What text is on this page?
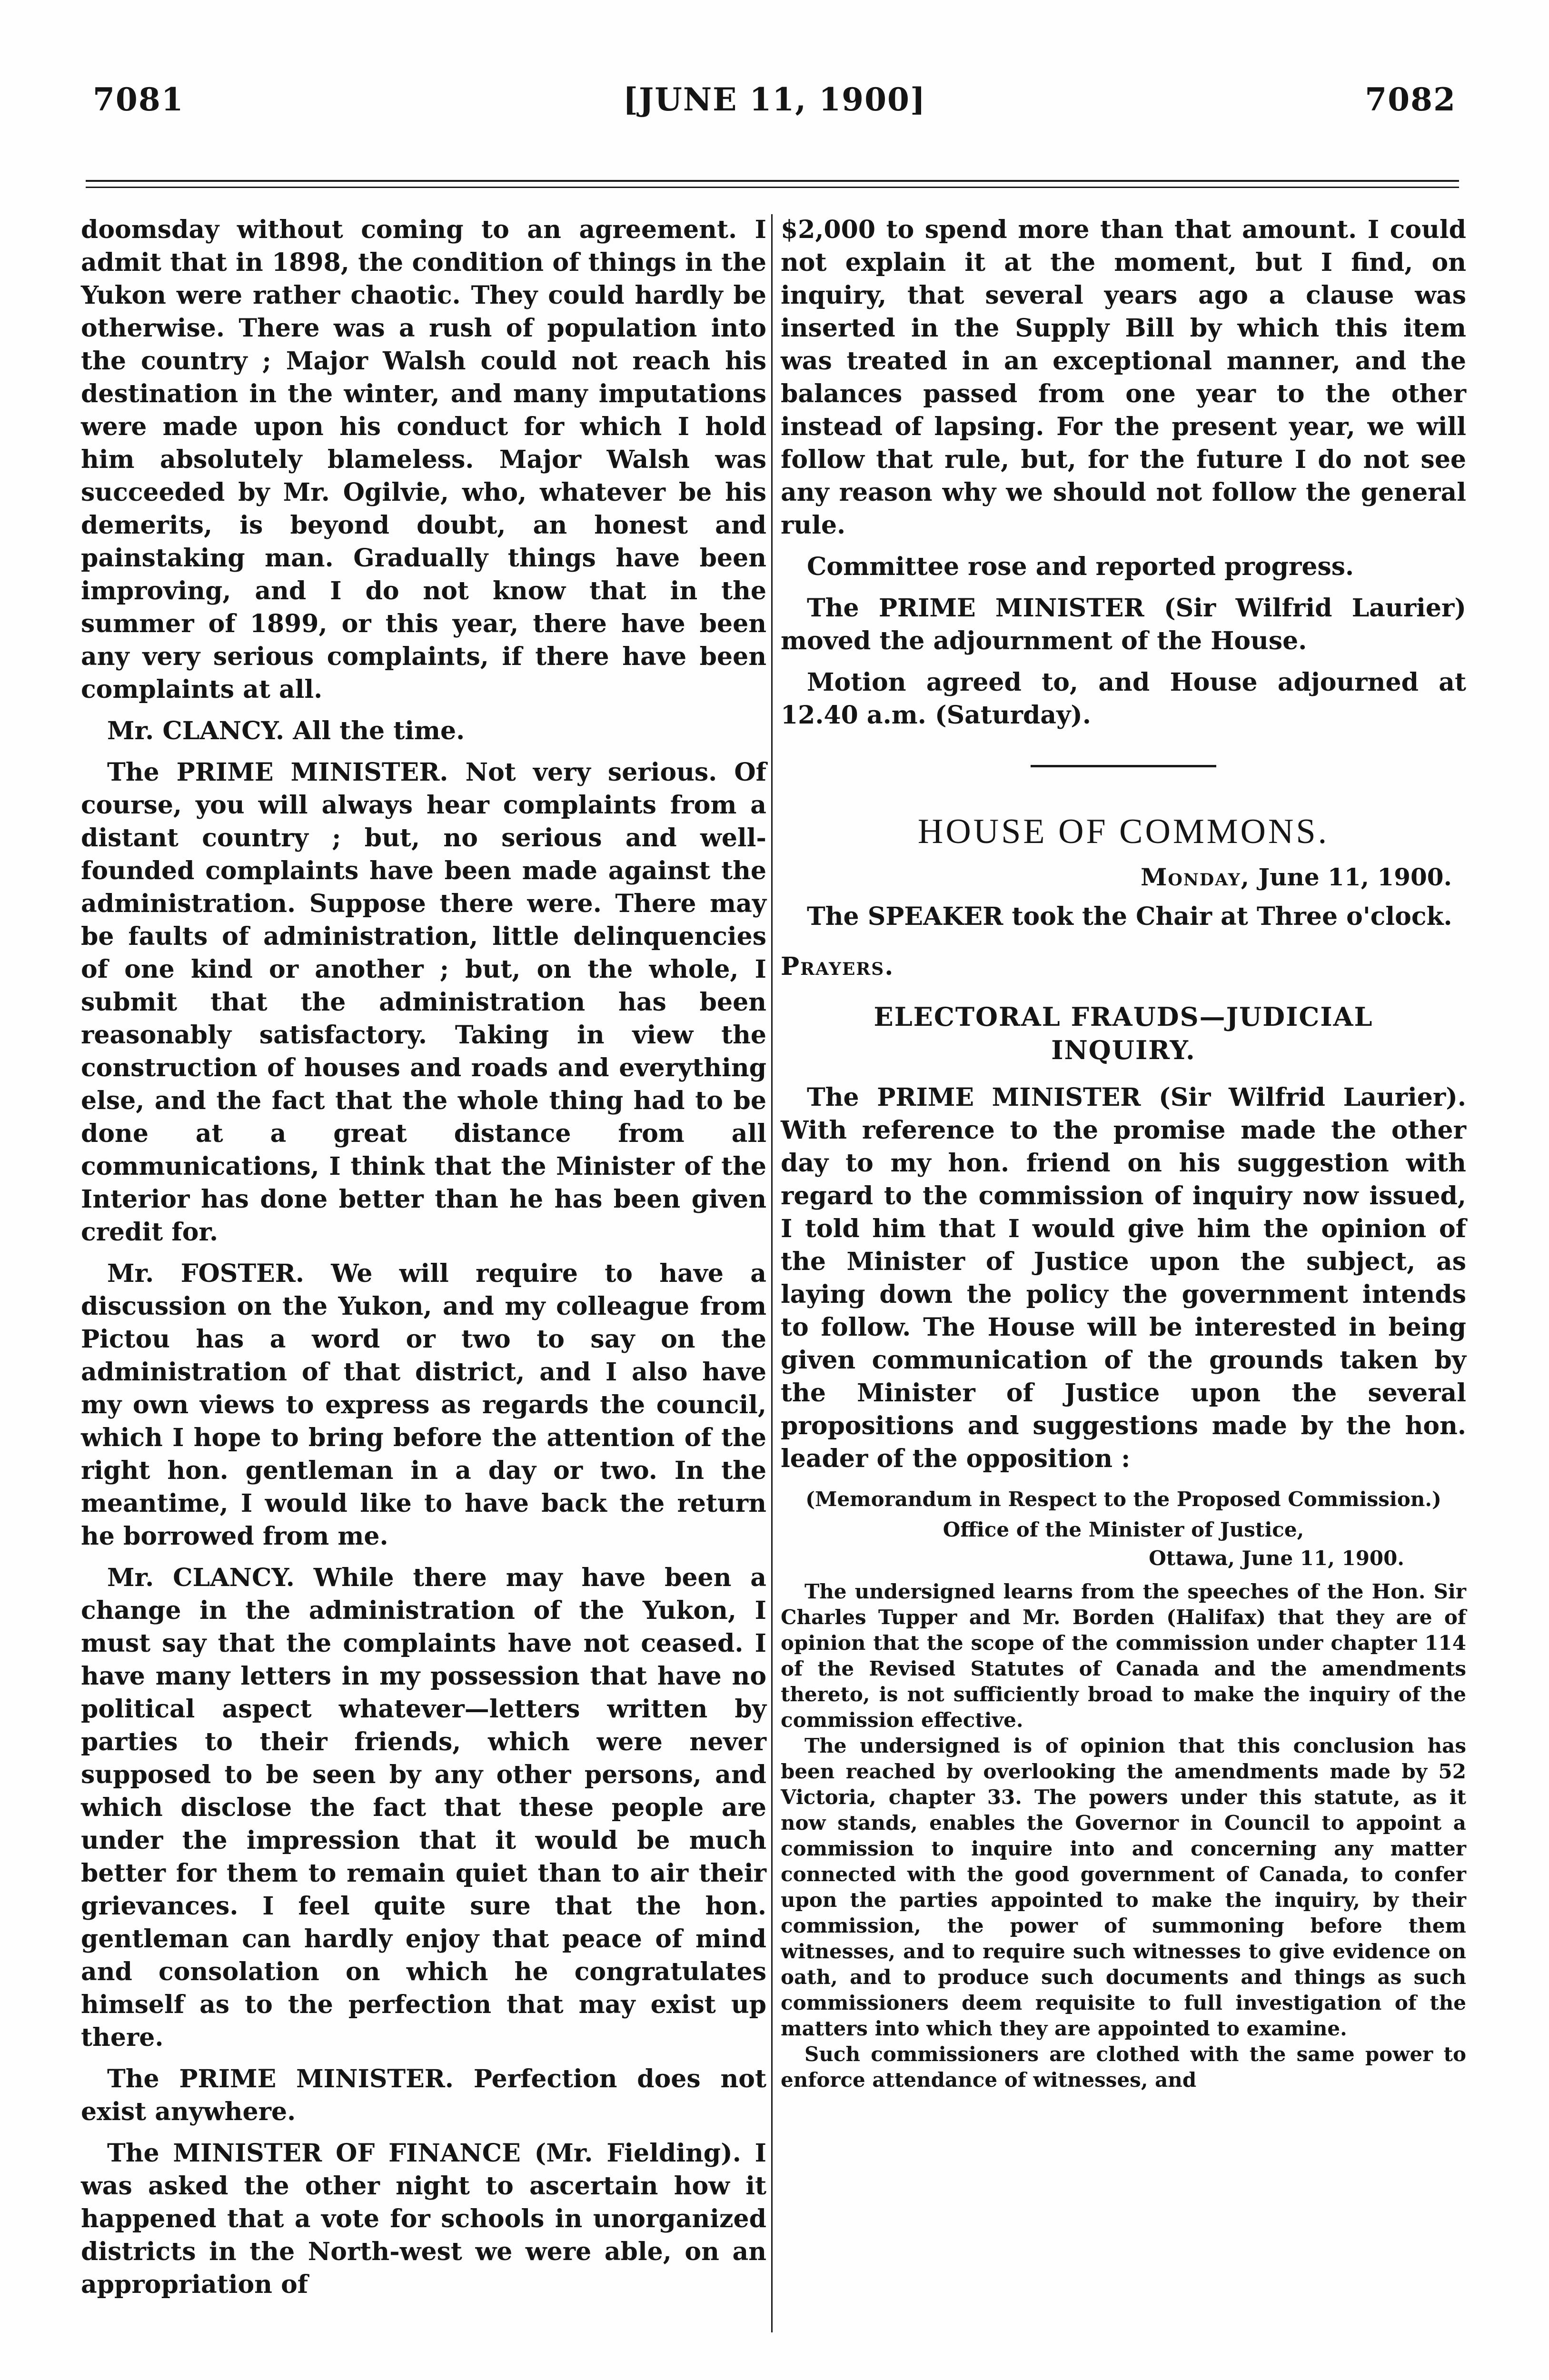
7081	[JUNE 11, 1900]	7082

doomsday without coming to an agreement. I admit that in 1898, the condition of things in the Yukon were rather chaotic. They could hardly be otherwise. There was a rush of population into the country ; Major Walsh could not reach his destination in the winter, and many imputations were made upon his conduct for which I hold him absolutely blameless. Major Walsh was succeeded by Mr. Ogilvie, who, whatever be his demerits, is beyond doubt, an honest and painstaking man. Gradually things have been improving, and I do not know that in the summer of 1899, or this year, there have been any very serious complaints, if there have been complaints at all.

Mr. CLANCY. All the time.

The PRIME MINISTER. Not very serious. Of course, you will always hear complaints from a distant country ; but, no serious and well-founded complaints have been made against the administration. Suppose there were. There may be faults of administration, little delinquencies of one kind or another ; but, on the whole, I submit that the administration has been reasonably satisfactory. Taking in view the construction of houses and roads and everything else, and the fact that the whole thing had to be done at a great distance from all communications, I think that the Minister of the Interior has done better than he has been given credit for.

Mr. FOSTER. We will require to have a discussion on the Yukon, and my colleague from Pictou has a word or two to say on the administration of that district, and I also have my own views to express as regards the council, which I hope to bring before the attention of the right hon. gentleman in a day or two. In the meantime, I would like to have back the return he borrowed from me.

Mr. CLANCY. While there may have been a change in the administration of the Yukon, I must say that the complaints have not ceased. I have many letters in my possession that have no political aspect whatever—letters written by parties to their friends, which were never supposed to be seen by any other persons, and which disclose the fact that these people are under the impression that it would be much better for them to remain quiet than to air their grievances. I feel quite sure that the hon. gentleman can hardly enjoy that peace of mind and consolation on which he congratulates himself as to the perfection that may exist up there.

The PRIME MINISTER. Perfection does not exist anywhere.

The MINISTER OF FINANCE (Mr. Fielding). I was asked the other night to ascertain how it happened that a vote for schools in unorganized districts in the North-west we were able, on an appropriation of

$2,000 to spend more than that amount. I could not explain it at the moment, but I find, on inquiry, that several years ago a clause was inserted in the Supply Bill by which this item was treated in an exceptional manner, and the balances passed from one year to the other instead of lapsing. For the present year, we will follow that rule, but, for the future I do not see any reason why we should not follow the general rule.

Committee rose and reported progress.

The PRIME MINISTER (Sir Wilfrid Laurier) moved the adjournment of the House.

Motion agreed to, and House adjourned at 12.40 a.m. (Saturday).

HOUSE OF COMMONS.
Monday, June 11, 1900.

The SPEAKER took the Chair at Three o'clock.

Prayers.
ELECTORAL FRAUDS—JUDICIAL INQUIRY.

The PRIME MINISTER (Sir Wilfrid Laurier). With reference to the promise made the other day to my hon. friend on his suggestion with regard to the commission of inquiry now issued, I told him that I would give him the opinion of the Minister of Justice upon the subject, as laying down the policy the government intends to follow. The House will be interested in being given communication of the grounds taken by the Minister of Justice upon the several propositions and suggestions made by the hon. leader of the opposition :

(Memorandum in Respect to the Proposed Commission.)
Office of the Minister of Justice,
Ottawa, June 11, 1900.

The undersigned learns from the speeches of the Hon. Sir Charles Tupper and Mr. Borden (Halifax) that they are of opinion that the scope of the commission under chapter 114 of the Revised Statutes of Canada and the amendments thereto, is not sufficiently broad to make the inquiry of the commission effective.

The undersigned is of opinion that this conclusion has been reached by overlooking the amendments made by 52 Victoria, chapter 33. The powers under this statute, as it now stands, enables the Governor in Council to appoint a commission to inquire into and concerning any matter connected with the good government of Canada, to confer upon the parties appointed to make the inquiry, by their commission, the power of summoning before them witnesses, and to require such witnesses to give evidence on oath, and to produce such documents and things as such commissioners deem requisite to full investigation of the matters into which they are appointed to examine.

Such commissioners are clothed with the same power to enforce attendance of witnesses, and
